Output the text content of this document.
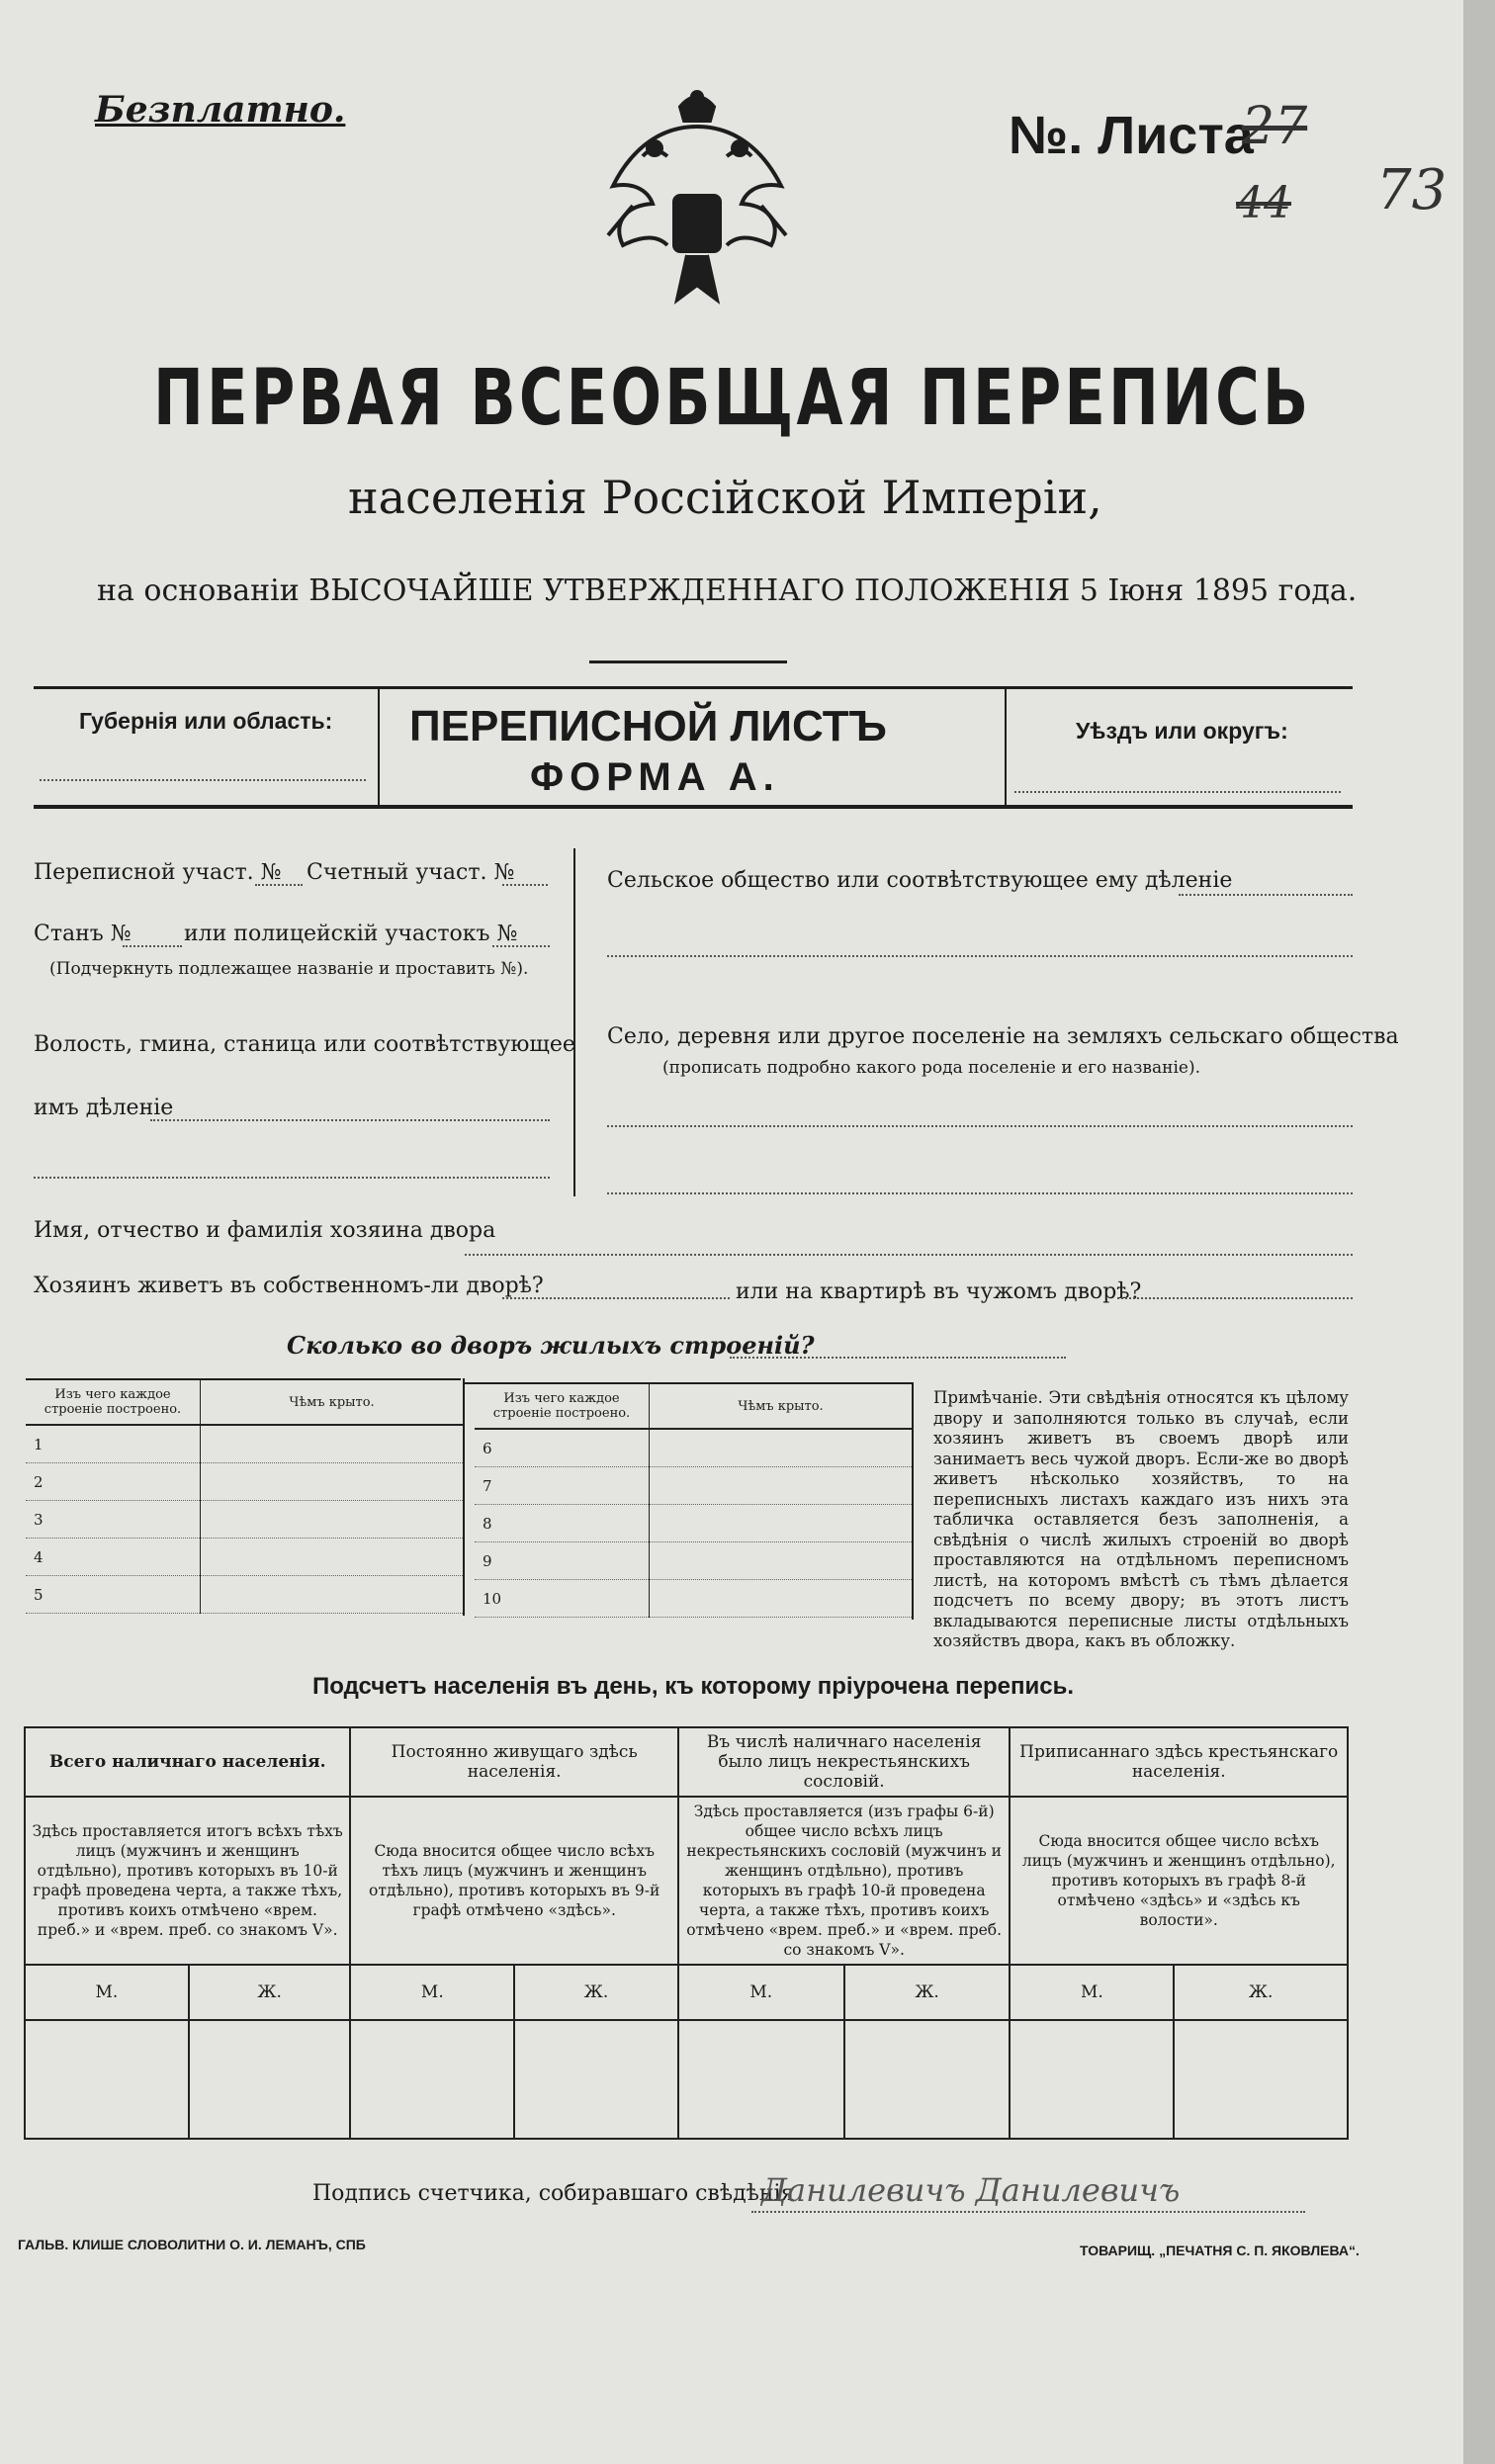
Безплатно.	№. Листа
27
44 73
ПЕРВАЯ ВСЕОБЩАЯ ПЕРЕПИСЬ
населенія Россійской Имперіи,
на основаніи ВЫСОЧАЙШЕ УТВЕРЖДЕННАГО ПОЛОЖЕНІЯ 5 Іюня 1895 года.
Губернія или область: ПЕРЕПИСНОЙ ЛИСТЪ
ФОРМА А.
Уѣздъ или округъ:
Переписной участ. № Счетный участ. №
Станъ № или полицейскій участокъ №
(Подчеркнуть подлежащее названіе и проставить №).
Волость, гмина, станица или соотвѣтствующее
имъ дѣленіе
Сельское общество или соотвѣтствующее ему дѣленіе
Село, деревня или другое поселеніе на земляхъ сельскаго общества
(прописать подробно какого рода поселеніе и его названіе).
Имя, отчество и фамилія хозяина двора
Хозяинъ живетъ въ собственномъ-ли дворѣ?	или на квартирѣ въ чужомъ дворѣ?
Сколько во дворъ жилыхъ строеній?
Изъ чего каждое строеніе построено.	Чѣмъ крыто.
1	
2	
3	
4	
5	
Изъ чего каждое строеніе построено.	Чѣмъ крыто.
6	
7	
8	
9	
10	
Примѣчаніе. Эти свѣдѣнія относятся къ цѣлому двору и заполняются только въ случаѣ, если хозяинъ живетъ въ своемъ дворѣ или занимаетъ весь чужой дворъ. Если-же во дворѣ живетъ нѣсколько хозяйствъ, то на переписныхъ листахъ каждаго изъ нихъ эта табличка оставляется безъ заполненія, а свѣдѣнія о числѣ жилыхъ строеній во дворѣ проставляются на отдѣльномъ переписномъ листѣ, на которомъ вмѣстѣ съ тѣмъ дѣлается подсчетъ по всему двору; въ этотъ листъ вкладываются переписные листы отдѣльныхъ хозяйствъ двора, какъ въ обложку.
Подсчетъ населенія въ день, къ которому пріурочена перепись.
Всего наличнаго населенія.		Постоянно живущаго здѣсь населенія.		Въ числѣ наличнаго населенія было лицъ некрестьянскихъ сословій.		Приписаннаго здѣсь крестьянскаго населенія.	
Здѣсь проставляется итогъ всѣхъ тѣхъ лицъ (мужчинъ и женщинъ отдѣльно), противъ которыхъ въ 10-й графѣ проведена черта, а также тѣхъ, противъ коихъ отмѣчено «врем. преб.» и «врем. преб. со знакомъ V».		Сюда вносится общее число всѣхъ тѣхъ лицъ (мужчинъ и женщинъ отдѣльно), противъ которыхъ въ 9-й графѣ отмѣчено «здѣсь».		Здѣсь проставляется (изъ графы 6-й) общее число всѣхъ лицъ некрестьянскихъ сословій (мужчинъ и женщинъ отдѣльно), противъ которыхъ въ графѣ 10-й проведена черта, а также тѣхъ, противъ коихъ отмѣчено «врем. преб.» и «врем. преб. со знакомъ V».		Сюда вносится общее число всѣхъ лицъ (мужчинъ и женщинъ отдѣльно), противъ которыхъ въ графѣ 8-й отмѣчено «здѣсь» и «здѣсь къ волости».	
М.	Ж.	М.	Ж.	М.	Ж.	М.	Ж.

Подпись счетчика, собиравшаго свѣдѣнія
Данилевичъ Данилевичъ
ГАЛЬВ. КЛИШЕ СЛОВОЛИТНИ О. И. ЛЕМАНЪ, СПБ	ТОВАРИЩ. „ПЕЧАТНЯ С. П. ЯКОВЛЕВА“.
